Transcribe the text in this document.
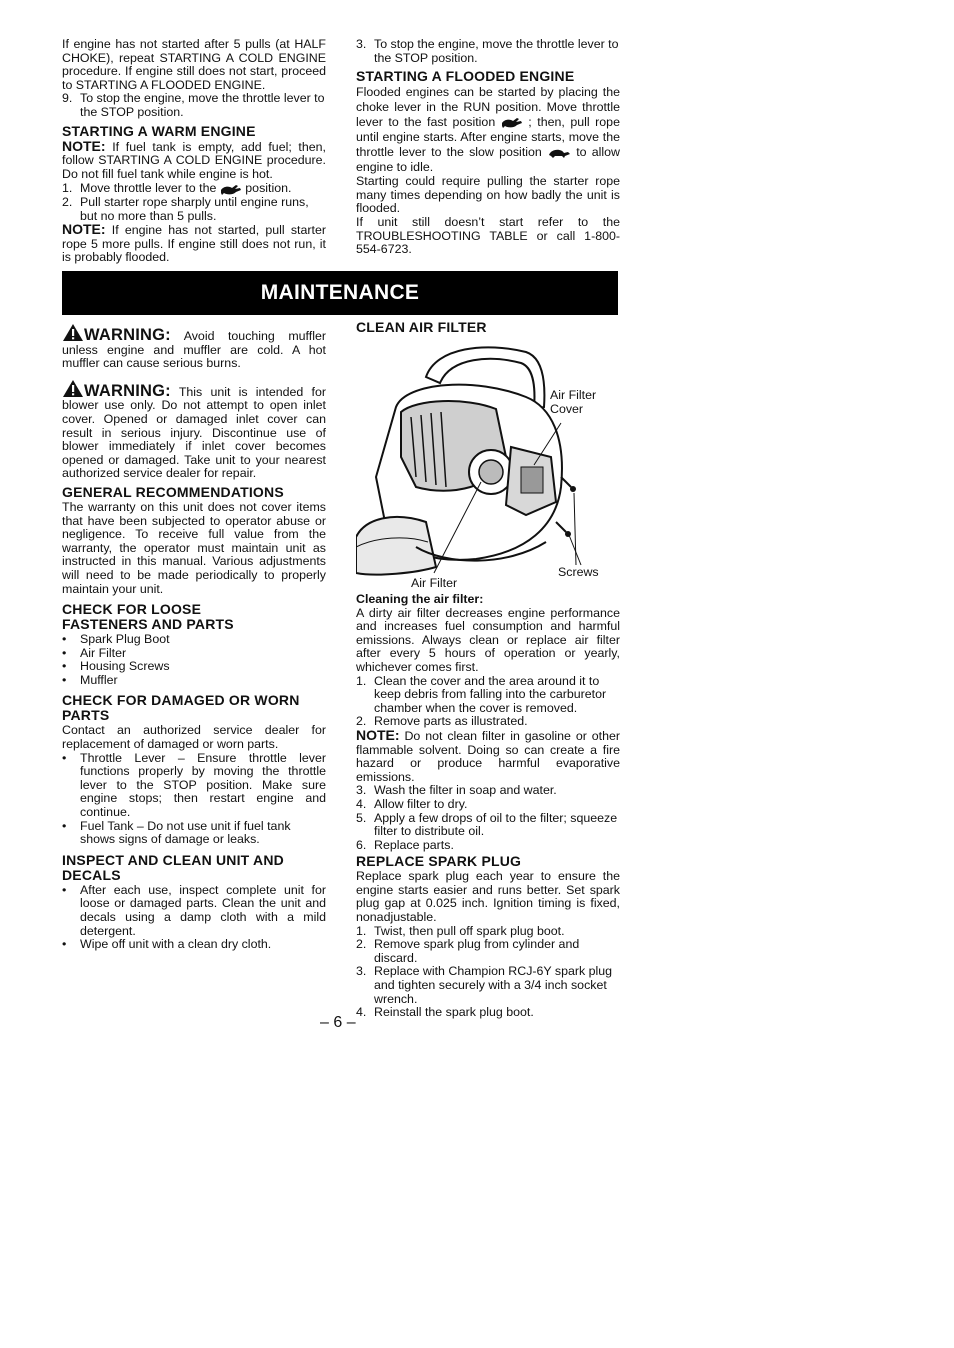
If engine has not started after 5 pulls (at HALF CHOKE), repeat STARTING A COLD ENGINE procedure. If engine still does not start, proceed to STARTING A FLOODED ENGINE.

9. To stop the engine, move the throttle lever to the STOP position.
STARTING A WARM ENGINE

NOTE: If fuel tank is empty, add fuel; then, follow STARTING A COLD ENGINE procedure. Do not fill fuel tank while engine is hot.

1. Move throttle lever to the position.
2. Pull starter rope sharply until engine runs, but no more than 5 pulls.

NOTE: If engine has not started, pull starter rope 5 more pulls. If engine still does not run, it is probably flooded.

3. To stop the engine, move the throttle lever to the STOP position.
STARTING A FLOODED ENGINE

Flooded engines can be started by placing the choke lever in the RUN position. Move throttle lever to the fast position	; then, pull rope until engine starts. After engine starts, move the throttle lever to the slow position	to allow engine to idle.

Starting could require pulling the starter rope many times depending on how badly the unit is flooded.

If unit still doesn’t start refer to the TROUBLESHOOTING TABLE or call 1-800-554-6723.

MAINTENANCE

WARNING: Avoid touching muffler unless engine and muffler are cold. A hot muffler can cause serious burns.

WARNING: This unit is intended for blower use only. Do not attempt to open inlet cover. Opened or damaged inlet cover can result in serious injury. Discontinue use of blower immediately if inlet cover becomes opened or damaged. Take unit to your nearest authorized service dealer for repair.

GENERAL RECOMMENDATIONS

The warranty on this unit does not cover items that have been subjected to operator abuse or negligence. To receive full value from the warranty, the operator must maintain unit as instructed in this manual. Various adjustments will need to be made periodically to properly maintain your unit.

CHECK FOR LOOSE
FASTENERS AND PARTS
• Spark Plug Boot
• Air Filter
• Housing Screws
• Muffler
CHECK FOR DAMAGED OR WORN PARTS

Contact an authorized service dealer for replacement of damaged or worn parts.

• Throttle Lever – Ensure throttle lever functions properly by moving the throttle lever to the STOP position. Make sure engine stops; then restart engine and continue.
• Fuel Tank – Do not use unit if fuel tank shows signs of damage or leaks.
INSPECT AND CLEAN UNIT AND DECALS
• After each use, inspect complete unit for loose or damaged parts. Clean the unit and decals using a damp cloth with a mild detergent.
• Wipe off unit with a clean dry cloth.
CLEAN AIR FILTER
Air Filter
Cover
Screws
Air Filter

Cleaning the air filter:

A dirty air filter decreases engine performance and increases fuel consumption and harmful emissions. Always clean or replace air filter after every 5 hours of operation or yearly, whichever comes first.

1. Clean the cover and the area around it to keep debris from falling into the carburetor chamber when the cover is removed.
2. Remove parts as illustrated.

NOTE: Do not clean filter in gasoline or other flammable solvent. Doing so can create a fire hazard or produce harmful evaporative emissions.

3. Wash the filter in soap and water.
4. Allow filter to dry.
5. Apply a few drops of oil to the filter; squeeze filter to distribute oil.
6. Replace parts.
REPLACE SPARK PLUG

Replace spark plug each year to ensure the engine starts easier and runs better. Set spark plug gap at 0.025 inch. Ignition timing is fixed, nonadjustable.

1. Twist, then pull off spark plug boot.
2. Remove spark plug from cylinder and discard.
3. Replace with Champion RCJ-6Y spark plug and tighten securely with a 3/4 inch socket wrench.
4. Reinstall the spark plug boot.
– 6 –
